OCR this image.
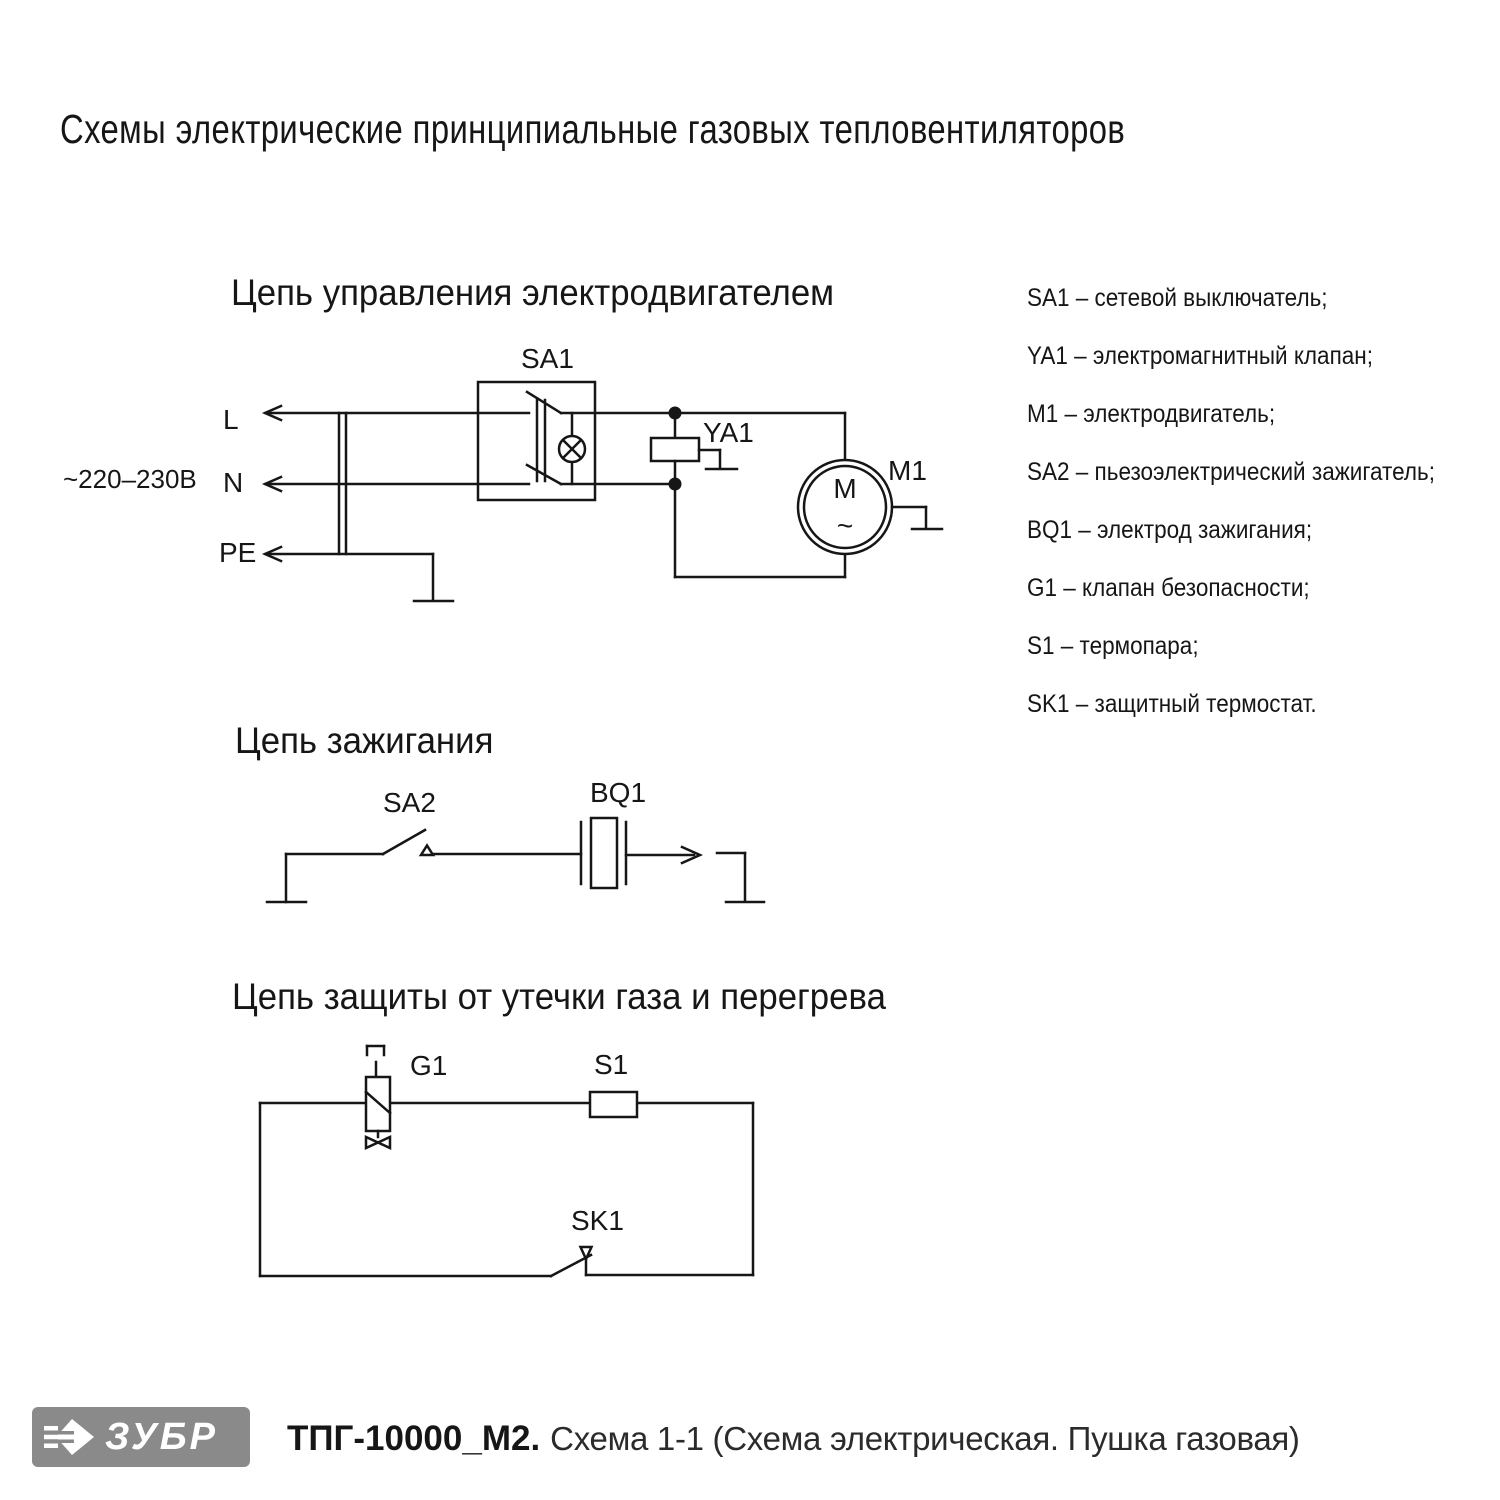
Схемы электрические принципиальные газовых тепловентиляторов
Цепь управления электродвигателем
Цепь зажигания
Цепь защиты от утечки газа и перегрева
SA1 – сетевой выключатель;
YA1 – электромагнитный клапан;
M1 – электродвигатель;
SA2 – пьезоэлектрический зажигатель;
BQ1 – электрод зажигания;
G1 – клапан безопасности;
S1 – термопара;
SK1 – защитный термостат.
M
~
~220–230В
L
N
PE
SA1
YA1
M1
SA2	BQ1
G1	S1
SK1
ЗУБР ТПГ-10000_М2. Схема 1-1 (Схема электрическая. Пушка газовая)
